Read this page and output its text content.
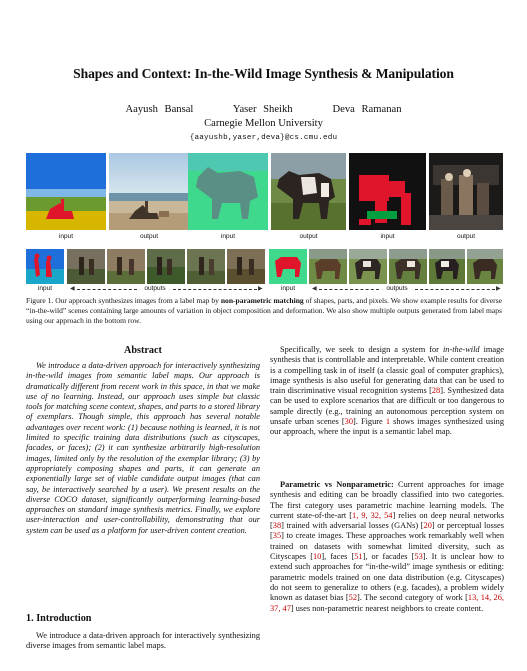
Shapes and Context: In-the-Wild Image Synthesis & Manipulation
Aayush Bansal	Yaser Sheikh	Deva Ramanan
Carnegie Mellon University
{aayushb,yaser,deva}@cs.cmu.edu
input	output	input	output	input	output
input	◀	outputs	▶	input	◀	outputs	▶
Figure 1. Our approach synthesizes images from a label map by non-parametric matching of shapes, parts, and pixels. We show example results for diverse “in-the-wild” scenes containing large amounts of variation in object composition and deformation. We also show multiple outputs generated from label maps using our approach in the bottom row.
Abstract
We introduce a data-driven approach for interactively synthesizing in-the-wild images from semantic label maps. Our approach is dramatically different from recent work in this space, in that we make use of no learning. Instead, our approach uses simple but classic tools for matching scene context, shapes, and parts to a stored library of exemplars. Though simple, this approach has several notable advantages over recent work: (1) because nothing is learned, it is not limited to specific training data distributions (such as cityscapes, facades, or faces); (2) it can synthesize arbitrarily high-resolution images, limited only by the resolution of the exemplar library; (3) by appropriately composing shapes and parts, it can generate an exponentially large set of viable candidate output images (that can say, be interactively searched by a user). We present results on the diverse COCO dataset, significantly outperforming learning-based approaches on standard image synthesis metrics. Finally, we explore user-interaction and user-controllability, demonstrating that our system can be used as a platform for user-driven content creation.
1. Introduction
We introduce a data-driven approach for interactively synthesizing diverse images from semantic label maps.
Specifically, we seek to design a system for in-the-wild image synthesis that is controllable and interpretable. While content creation is a compelling task in of itself (a classic goal of computer graphics), image synthesis is also useful for generating data that can be used to train discriminative visual recognition systems [28]. Synthesized data can be used to explore scenarios that are difficult or too dangerous to sample directly (e.g., training an autonomous perception system on unsafe urban scenes [30]. Figure 1 shows images synthesized using our approach, where the input is a semantic label map.
Parametric vs Nonparametric: Current approaches for image synthesis and editing can be broadly classified into two categories. The first category uses parametric machine learning models. The current state-of-the-art [1, 9, 32, 54] relies on deep neural networks [38] trained with adversarial losses (GANs) [20] or perceptual losses [35] to create images. These approaches work remarkably well when trained on datasets with somewhat limited diversity, such as Cityscapes [10], faces [51], or facades [53]. It is unclear how to extend such approaches for “in-the-wild” image synthesis or editing: parametric models trained on one data distribution (e.g. Cityscapes) do not seem to generalize to others (e.g. facades), a problem widely known as dataset bias [52]. The second category of work [13, 14, 26, 37, 47] uses non-parametric nearest neighbors to create content.
